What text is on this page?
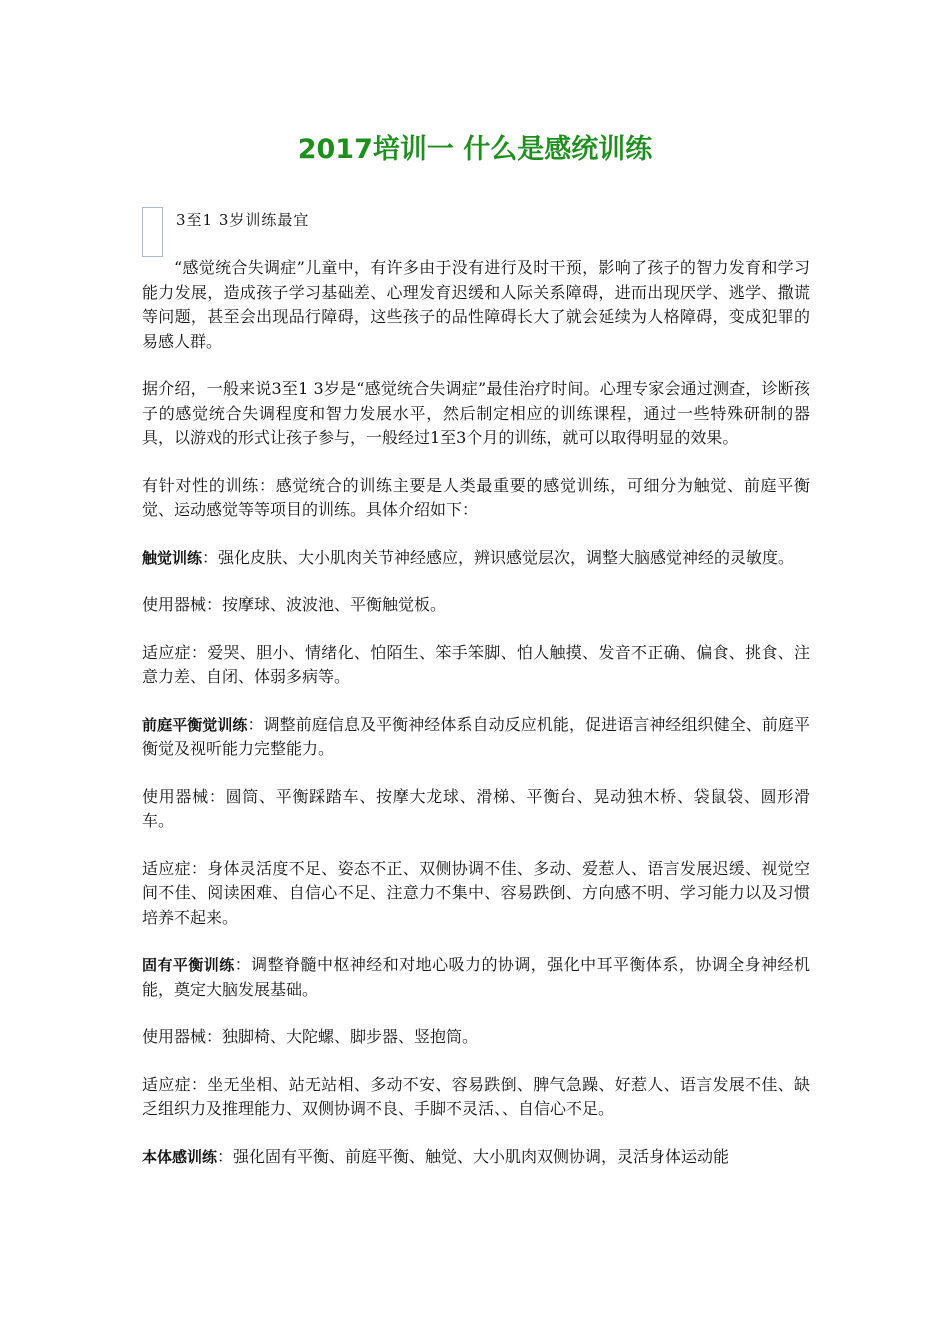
2017培训一 什么是感统训练

3至1 3岁训练最宜

“感觉统合失调症”儿童中，有许多由于没有进行及时干预，影响了孩子的智力发育和学习能力发展，造成孩子学习基础差、心理发育迟缓和人际关系障碍，进而出现厌学、逃学、撒谎等问题，甚至会出现品行障碍，这些孩子的品性障碍长大了就会延续为人格障碍，变成犯罪的易感人群。

据介绍，一般来说3至1 3岁是“感觉统合失调症”最佳治疗时间。心理专家会通过测查，诊断孩子的感觉统合失调程度和智力发展水平，然后制定相应的训练课程，通过一些特殊研制的器具，以游戏的形式让孩子参与，一般经过1至3个月的训练，就可以取得明显的效果。

有针对性的训练：感觉统合的训练主要是人类最重要的感觉训练，可细分为触觉、前庭平衡觉、运动感觉等等项目的训练。具体介绍如下：

触觉训练：强化皮肤、大小肌肉关节神经感应，辨识感觉层次，调整大脑感觉神经的灵敏度。

使用器械：按摩球、波波池、平衡触觉板。

适应症：爱哭、胆小、情绪化、怕陌生、笨手笨脚、怕人触摸、发音不正确、偏食、挑食、注意力差、自闭、体弱多病等。

前庭平衡觉训练：调整前庭信息及平衡神经体系自动反应机能，促进语言神经组织健全、前庭平衡觉及视听能力完整能力。

使用器械：圆筒、平衡踩踏车、按摩大龙球、滑梯、平衡台、晃动独木桥、袋鼠袋、圆形滑车。

适应症：身体灵活度不足、姿态不正、双侧协调不佳、多动、爱惹人、语言发展迟缓、视觉空间不佳、阅读困难、自信心不足、注意力不集中、容易跌倒、方向感不明、学习能力以及习惯培养不起来。

固有平衡训练：调整脊髓中枢神经和对地心吸力的协调，强化中耳平衡体系，协调全身神经机能，奠定大脑发展基础。

使用器械：独脚椅、大陀螺、脚步器、竖抱筒。

适应症：坐无坐相、站无站相、多动不安、容易跌倒、脾气急躁、好惹人、语言发展不佳、缺乏组织力及推理能力、双侧协调不良、手脚不灵活、、自信心不足。

本体感训练：强化固有平衡、前庭平衡、触觉、大小肌肉双侧协调，灵活身体运动能
